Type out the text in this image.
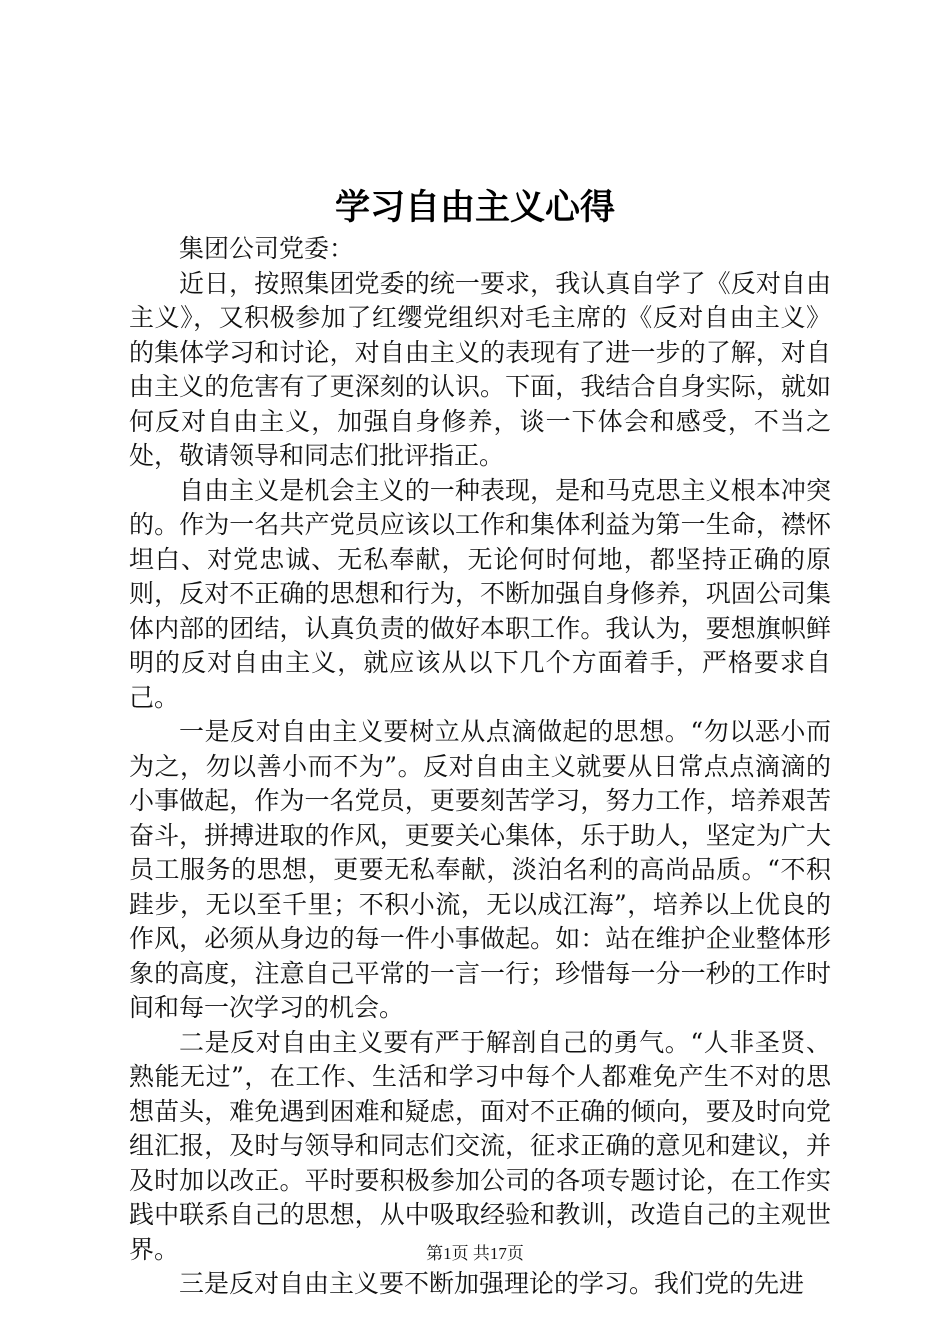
学习自由主义心得

集团公司党委：

近日，按照集团党委的统一要求，我认真自学了《反对自由主义》，又积极参加了红缨党组织对毛主席的《反对自由主义》的集体学习和讨论，对自由主义的表现有了进一步的了解，对自由主义的危害有了更深刻的认识。下面，我结合自身实际，就如何反对自由主义，加强自身修养，谈一下体会和感受，不当之处，敬请领导和同志们批评指正。

自由主义是机会主义的一种表现，是和马克思主义根本冲突的。作为一名共产党员应该以工作和集体利益为第一生命，襟怀坦白、对党忠诚、无私奉献，无论何时何地，都坚持正确的原则，反对不正确的思想和行为，不断加强自身修养，巩固公司集体内部的团结，认真负责的做好本职工作。我认为，要想旗帜鲜明的反对自由主义，就应该从以下几个方面着手，严格要求自己。

一是反对自由主义要树立从点滴做起的思想。“勿以恶小而为之，勿以善小而不为”。反对自由主义就要从日常点点滴滴的小事做起，作为一名党员，更要刻苦学习，努力工作，培养艰苦奋斗，拼搏进取的作风，更要关心集体，乐于助人，坚定为广大员工服务的思想，更要无私奉献，淡泊名利的高尚品质。“不积跬步，无以至千里；不积小流，无以成江海”，培养以上优良的作风，必须从身边的每一件小事做起。如：站在维护企业整体形象的高度，注意自己平常的一言一行；珍惜每一分一秒的工作时间和每一次学习的机会。

二是反对自由主义要有严于解剖自己的勇气。“人非圣贤、熟能无过”，在工作、生活和学习中每个人都难免产生不对的思想苗头，难免遇到困难和疑虑，面对不正确的倾向，要及时向党组汇报，及时与领导和同志们交流，征求正确的意见和建议，并及时加以改正。平时要积极参加公司的各项专题讨论，在工作实践中联系自己的思想，从中吸取经验和教训，改造自己的主观世界。

三是反对自由主义要不断加强理论的学习。我们党的先进

第1页 共17页
